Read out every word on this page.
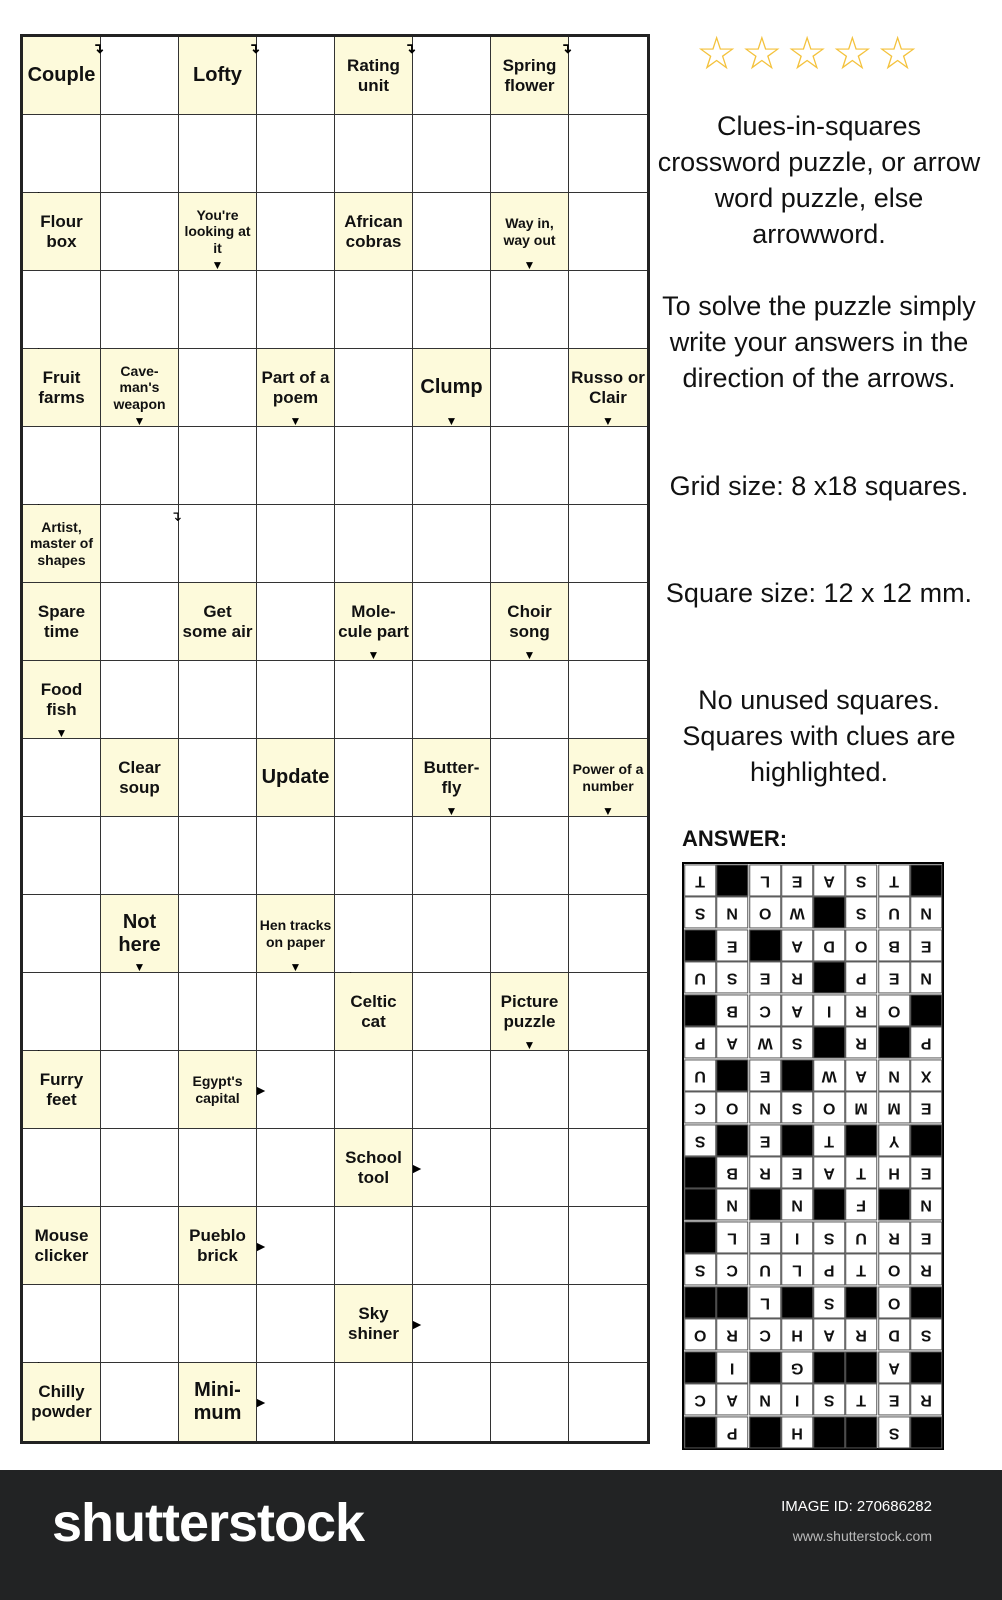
Couple
↴
Lofty
↴
Rating unit
↴
Spring flower
↴
Flour box
You're looking at it
▼
African cobras
Way in, way out
▼
Fruit farms
Cave-man's weapon
▼
Part of a poem
▼
Clump
▼
Russo or Clair
▼
Artist, master of shapes
↴
Spare time
Get some air
Mole-cule part
▼
Choir song
▼
Food fish
▼
Clear soup	Update	Butter-fly
▼
Power of a number
▼
Not here
▼
Hen tracks on paper
▼
Celtic cat
Picture puzzle
▼
Furry feet
Egypt's capital	►
School tool	►
Mouse clicker
Pueblo brick	►
Sky shiner ►
Chilly powder
Mini-mum ►
☆ ☆ ☆ ☆ ☆
Clues-in-squares crossword puzzle, or arrow word puzzle, else arrowword.
To solve the puzzle simply write your answers in the direction of the arrows.
Grid size: 8 x18 squares.
Square size: 12 x 12 mm.
No unused squares. Squares with clues are highlighted.
ANSWER:
T	L	E	A	S	T
S	N	O	W	S	U	N
E	A	D	O	B	E
U	S	E	R	P	E	N
B	C	A	I	R	O
P	A	W	S	R	P
U	E	W	A	N	X
C	O	N	S	O	M	M	E
S	E	T	Y
B	R	E	A	T	H	E
N	N	F	N
L	E	I	S	U	R	E
S	C	U	L	P	T	O	R
L	S	O
O	R	C	H	A	R	D	S
I	G	A
C	A	N	I	S	T	E	R
P	H	S
shutterstock	IMAGE ID: 270686282
www.shutterstock.com
